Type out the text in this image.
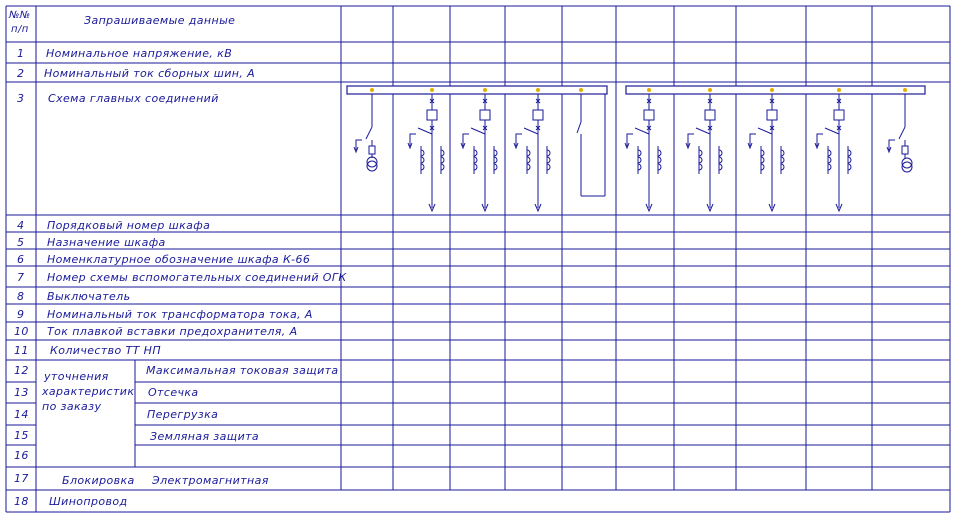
№№
п/п
Запрашиваемые данные
1
2
3
4
5
6
7
8
9
10
11
12
13
14
15
16
17
18
Номинальное напряжение, кВ
Номинальный ток сборных шин, А
Схема главных соединений
Порядковый номер шкафа
Назначение шкафа
Номенклатурное обозначение шкафа К-66
Номер схемы вспомогательных соединений ОГК
Выключатель
Номинальный ток трансформатора тока, А
Ток плавкой вставки предохранителя, А
Количество ТТ НП
Шинопровод
уточнения
характеристик
по заказу
Максимальная токовая защита
Отсечка
Перегрузка
Земляная защита
Блокировка Электромагнитная
